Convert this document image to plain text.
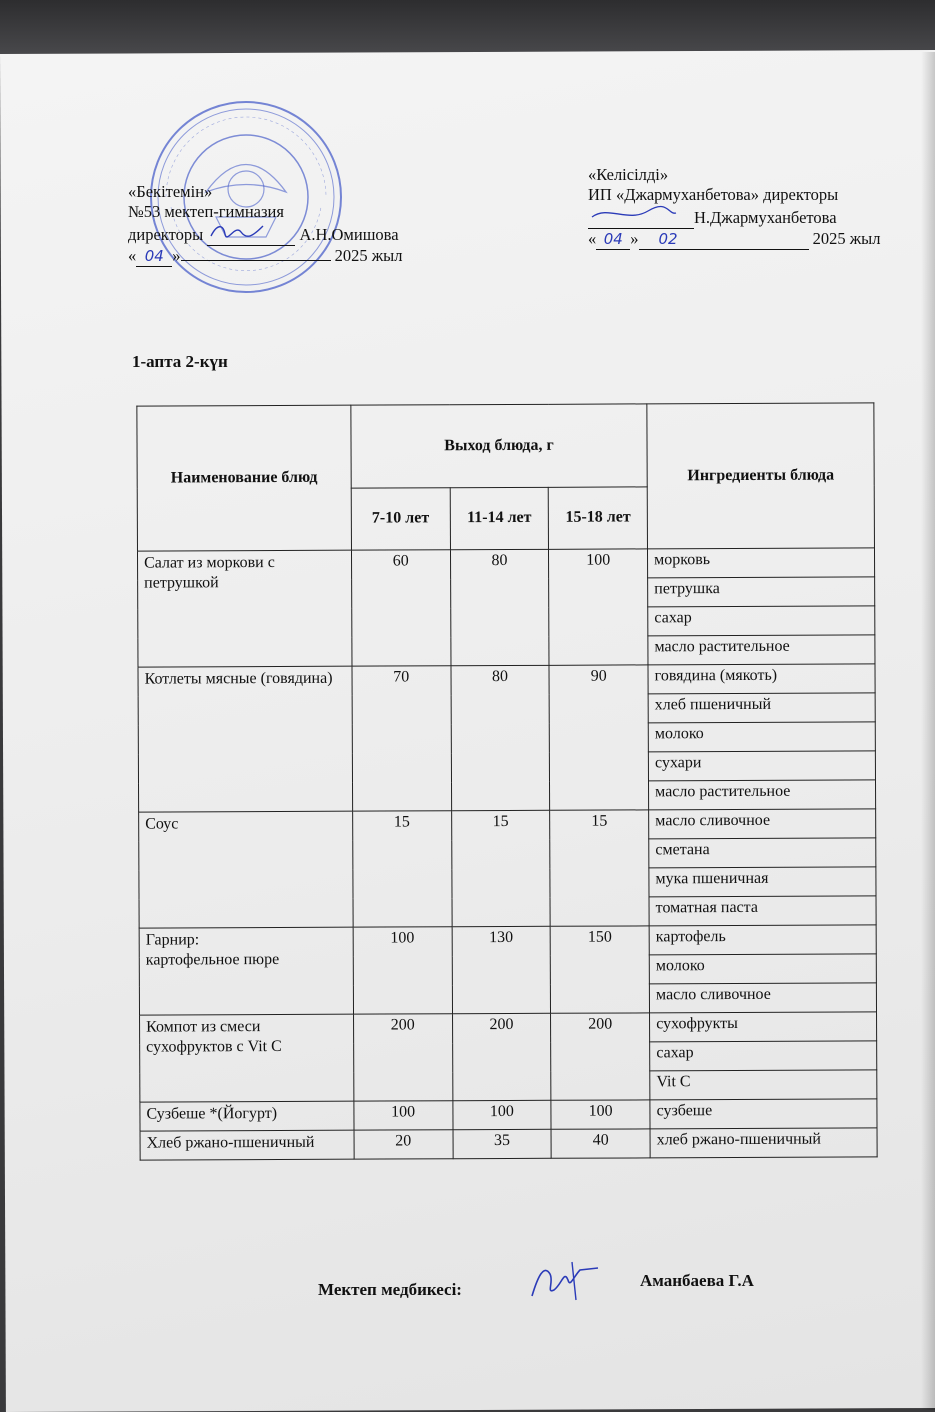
«Бекітемін»
№53 мектеп-гимназия
директоры	А.Н.Омишова
« 04 »	2025 жыл
«Келісілді»
ИП «Джармуханбетова» директоры
Н.Джармуханбетова
« 04 » 02	2025 жыл
1-апта 2-күн
Наименование блюд	Выход блюда, г			Ингредиенты блюда
	7-10 лет	11-14 лет	15-18 лет	
Салат из моркови с петрушкой	60	80	100	морковь
				петрушка
				сахар
				масло растительное
Котлеты мясные (говядина)	70	80	90	говядина (мякоть)
				хлеб пшеничный
				молоко
				сухари
				масло растительное
Соус	15	15	15	масло сливочное
				сметана
				мука пшеничная
				томатная паста

Гарнир:
картофельное пюре	100	130	150	картофель
				молоко
				масло сливочное
Компот из смеси сухофруктов с Vit C	200	200	200	сухофрукты
				сахар
				Vit C
Сузбеше *(Йогурт)	100	100	100	сузбеше
Хлеб ржано-пшеничный	20	35	40	хлеб ржано-пшеничный
Мектеп медбикесі:	Аманбаева Г.А
